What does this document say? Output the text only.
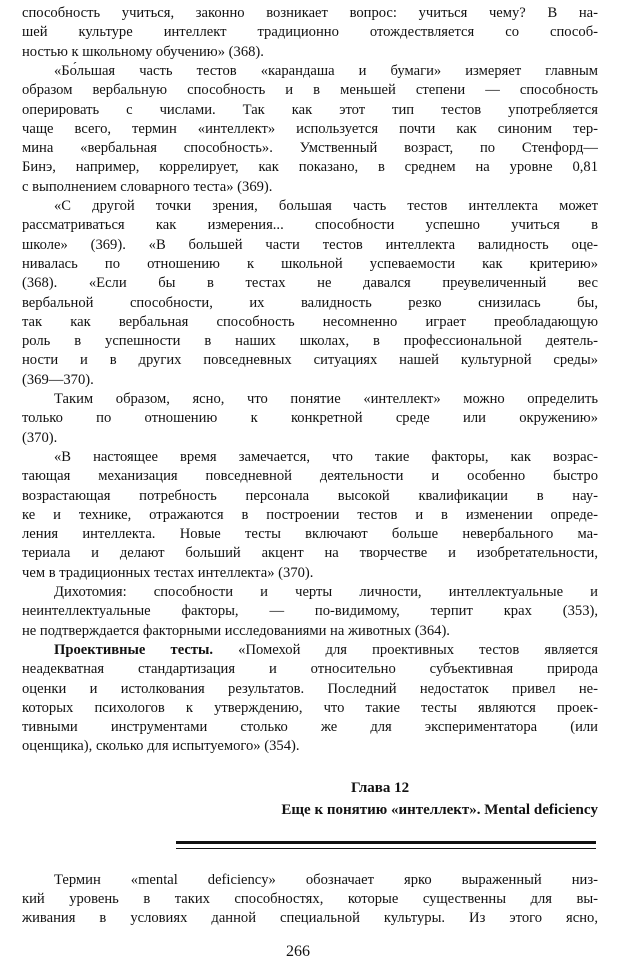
способность учиться, законно возникает вопрос: учиться чему? В на-
шей культуре интеллект традиционно отождествляется со способ-
ностью к школьному обучению» (368).
«Бо́льшая часть тестов «карандаша и бумаги» измеряет главным
образом вербальную способность и в меньшей степени — способность
оперировать с числами. Так как этот тип тестов употребляется
чаще всего, термин «интеллект» используется почти как синоним тер-
мина «вербальная способность». Умственный возраст, по Стенфорд—
Бинэ, например, коррелирует, как показано, в среднем на уровне 0,81
с выполнением словарного теста» (369).
«С другой точки зрения, большая часть тестов интеллекта может
рассматриваться как измерения... способности успешно учиться в
школе» (369). «В большей части тестов интеллекта валидность оце-
нивалась по отношению к школьной успеваемости как критерию»
(368). «Если бы в тестах не давался преувеличенный вес
вербальной способности, их валидность резко снизилась бы,
так как вербальная способность несомненно играет преобладающую
роль в успешности в наших школах, в профессиональной деятель-
ности и в других повседневных ситуациях нашей культурной среды»
(369—370).
Таким образом, ясно, что понятие «интеллект» можно определить
только по отношению к конкретной среде или окружению»
(370).
«В настоящее время замечается, что такие факторы, как возрас-
тающая механизация повседневной деятельности и особенно быстро
возрастающая потребность персонала высокой квалификации в нау-
ке и технике, отражаются в построении тестов и в изменении опреде-
ления интеллекта. Новые тесты включают больше невербального ма-
териала и делают больший акцент на творчестве и изобретательности,
чем в традиционных тестах интеллекта» (370).
Дихотомия: способности и черты личности, интеллектуальные и
неинтеллектуальные факторы, — по-видимому, терпит крах (353),
не подтверждается факторными исследованиями на животных (364).
Проективные тесты. «Помехой для проективных тестов является
неадекватная стандартизация и относительно субъективная природа
оценки и истолкования результатов. Последний недостаток привел не-
которых психологов к утверждению, что такие тесты являются проек-
тивными инструментами столько же для экспериментатора (или
оценщика), сколько для испытуемого» (354).
Глава 12
Еще к понятию «интеллект». Mental deficiency
Термин «mental deficiency» обозначает ярко выраженный низ-
кий уровень в таких способностях, которые существенны для вы-
живания в условиях данной специальной культуры. Из этого ясно,
266
